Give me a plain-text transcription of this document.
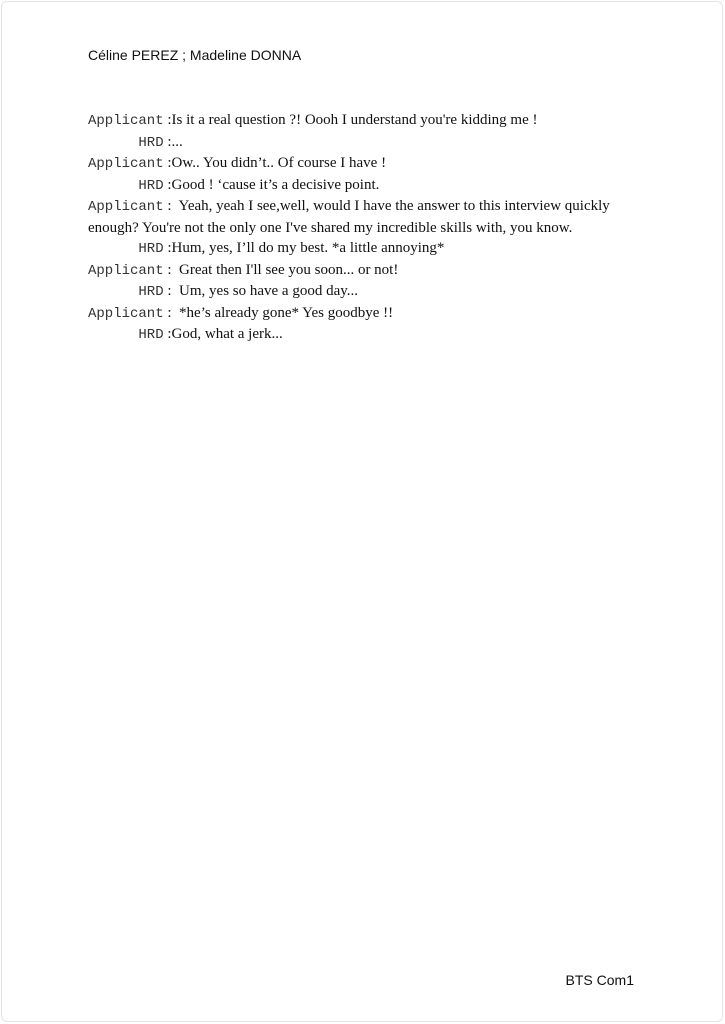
Céline PEREZ ; Madeline DONNA
Applicant :Is it a real question ?! Oooh I understand you're kidding me !
HRD :...
Applicant :Ow.. You didn’t.. Of course I have !
HRD :Good ! ‘cause it’s a decisive point.
Applicant :  Yeah, yeah I see,well, would I have the answer to this interview quickly enough? You're not the only one I've shared my incredible skills with, you know.
HRD :Hum, yes, I’ll do my best. *a little annoying*
Applicant :  Great then I'll see you soon... or not!
HRD :  Um, yes so have a good day...
Applicant :  *he’s already gone* Yes goodbye !!
HRD :God, what a jerk...
BTS Com1
